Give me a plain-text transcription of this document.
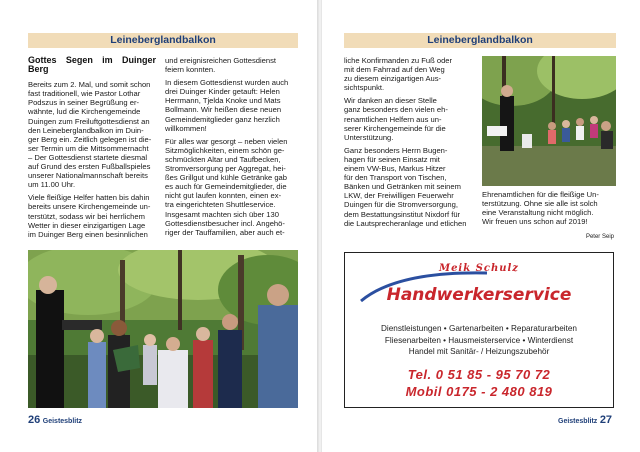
Leineberglandbalkon
Gottes Segen im Duinger Berg

Bereits zum 2. Mal, und somit schon
fast traditionell, wie Pastor Lothar
Podszus in seiner Begrüßung er-
wähnte, lud die Kirchengemeinde
Duingen zum Freiluftgottesdienst an
den Leineberglandbalkon im Duin-
ger Berg ein. Zeitlich gelegen ist die-
ser Termin um die Mittsommernacht
– Der Gottesdienst startete diesmal
auf Grund des ersten Fußballspieles
unserer Nationalmannschaft bereits
um 11.00 Uhr.

Viele fleißige Helfer hatten bis dahin
bereits unsere Kirchengemeinde un-
terstützt, sodass wir bei herrlichem
Wetter in dieser einzigartigen Lage
im Duinger Berg einen besinnlichen

und ereignisreichen Gottesdienst
feiern konnten.

In diesem Gottesdienst wurden auch
drei Duinger Kinder getauft: Helen
Herrmann, Tjelda Knoke und Mats
Bollmann. Wir heißen diese neuen
Gemeindemitglieder ganz herzlich
willkommen!

Für alles war gesorgt – neben vielen
Sitzmöglichkeiten, einem schön ge-
schmückten Altar und Taufbecken,
Stromversorgung per Aggregat, hei-
ßes Grillgut und kühle Getränke gab
es auch für Gemeindemitglieder, die
nicht gut laufen konnten, einen ex-
tra eingerichteten Shuttleservice.
Insgesamt machten sich über 130
Gottesdienstbesucher incl. Angehö-
riger der Tauffamilien, aber auch et-

26 Geistesblitz
Leineberglandbalkon

liche Konfirmanden zu Fuß oder
mit dem Fahrrad auf den Weg
zu diesem einzigartigen Aus-
sichtspunkt.

Wir danken an dieser Stelle
ganz besonders den vielen eh-
renamtlichen Helfern aus un-
serer Kirchengemeinde für die
Unterstützung.

Ganz besonders Herrn Bugen-
hagen für seinen Einsatz mit
einem VW-Bus, Markus Hitzer
für den Transport von Tischen,
Bänken und Getränken mit seinem
LKW, der Freiwilligen Feuerwehr
Duingen für die Stromversorgung,
dem Bestattungsinstitut Nixdorf für
die Lautsprecheranlage und etlichen

Ehrenamtlichen für die fleißige Un-
terstützung. Ohne sie alle ist solch
eine Veranstaltung nicht möglich.
Wir freuen uns schon auf 2019!

Peter Seip
Meik Schulz
Handwerkerservice
Dienstleistungen • Gartenarbeiten • Reparaturarbeiten
Fliesenarbeiten • Hausmeisterservice • Winterdienst
Handel mit Sanitär- / Heizungszubehör
Tel. 0 51 85 - 95 70 72
Mobil 0175 - 2 480 819
Geistesblitz 27
